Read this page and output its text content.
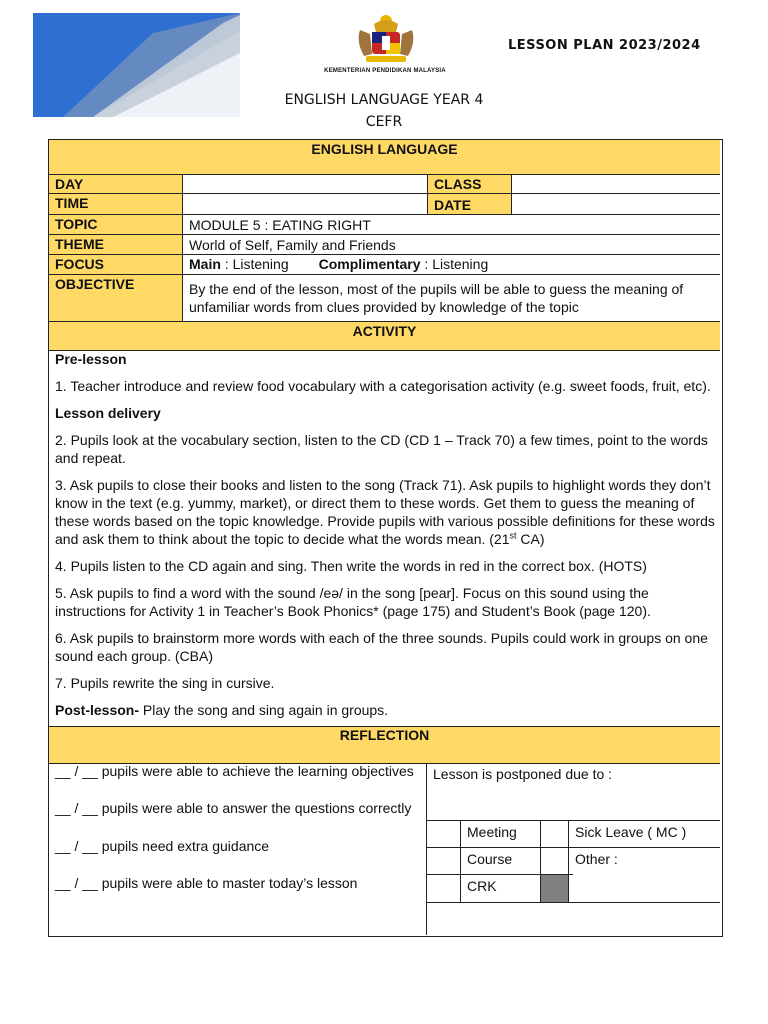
KEMENTERIAN PENDIDIKAN MALAYSIA
LESSON PLAN 2023/2024
ENGLISH LANGUAGE YEAR 4
CEFR
ENGLISH LANGUAGE
DAY	CLASS
TIME	DATE
TOPIC	MODULE 5 : EATING RIGHT
THEME	World of Self, Family and Friends
FOCUS	Main : Listening Complimentary : Listening
OBJECTIVE	By the end of the lesson, most of the pupils will be able to guess the meaning of unfamiliar words from clues provided by knowledge of the topic
ACTIVITY

Pre-lesson

1. Teacher introduce and review food vocabulary with a categorisation activity (e.g. sweet foods, fruit, etc).

Lesson delivery

2. Pupils look at the vocabulary section, listen to the CD (CD 1 – Track 70) a few times, point to the words and repeat.

3. Ask pupils to close their books and listen to the song (Track 71). Ask pupils to highlight words they don’t know in the text (e.g. yummy, market), or direct them to these words. Get them to guess the meaning of these words based on the topic knowledge. Provide pupils with various possible definitions for these words and ask them to think about the topic to decide what the words mean. (21st CA)

4. Pupils listen to the CD again and sing. Then write the words in red in the correct box. (HOTS)

5. Ask pupils to find a word with the sound /eə/ in the song [pear]. Focus on this sound using the instructions for Activity 1 in Teacher’s Book Phonics* (page 175) and Student’s Book (page 120).

6. Ask pupils to brainstorm more words with each of the three sounds. Pupils could work in groups on one sound each group. (CBA)

7. Pupils rewrite the sing in cursive.

Post-lesson- Play the song and sing again in groups.

REFLECTION
__ / __ pupils were able to achieve the learning objectives
__ / __ pupils were able to answer the questions correctly
__ / __ pupils need extra guidance
__ / __ pupils were able to master today’s lesson
Lesson is postponed due to :
Meeting	Sick Leave ( MC )
Course	Other :
CRK
